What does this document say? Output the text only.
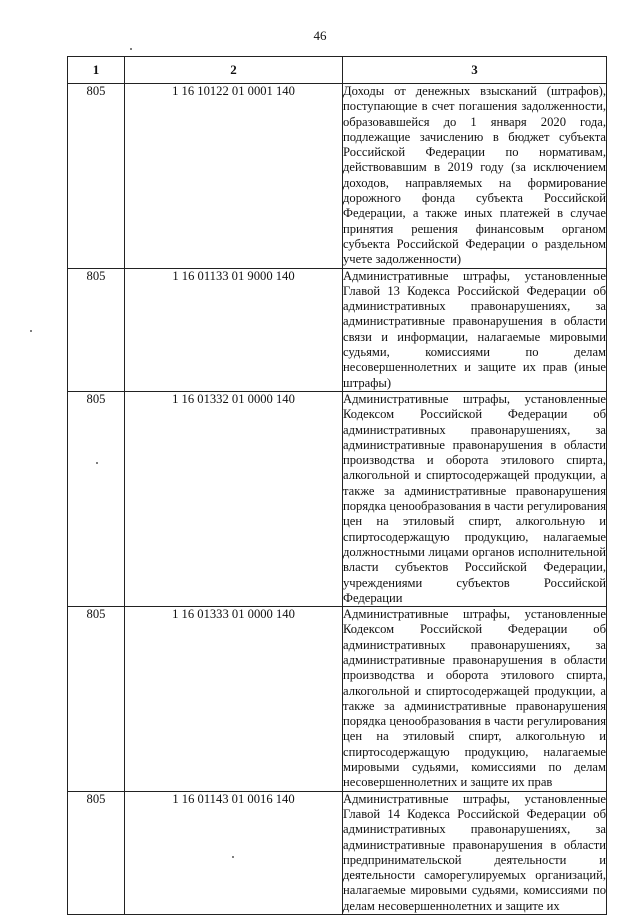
46
1	2	3
805	1 16 10122 01 0001 140	Доходы от денежных взысканий (штрафов), поступающие в счет погашения задолженности, образовавшейся до 1 января 2020 года, подлежащие зачислению в бюджет субъекта Российской Федерации по нормативам, действовавшим в 2019 году (за исключением доходов, направляемых на формирование дорожного фонда субъекта Российской Федерации, а также иных платежей в случае принятия решения финансовым органом субъекта Российской Федерации о раздельном учете задолженности)
805	1 16 01133 01 9000 140	Административные штрафы, установленные Главой 13 Кодекса Российской Федерации об административных правонарушениях, за административные правонарушения в области связи и информации, налагаемые мировыми судьями, комиссиями по делам несовершеннолетних и защите их прав (иные штрафы)
805	1 16 01332 01 0000 140	Административные штрафы, установленные Кодексом Российской Федерации об административных правонарушениях, за административные правонарушения в области производства и оборота этилового спирта, алкогольной и спиртосодержащей продукции, а также за административные правонарушения порядка ценообразования в части регулирования цен на этиловый спирт, алкогольную и спиртосодержащую продукцию, налагаемые должностными лицами органов исполнительной власти субъектов Российской Федерации, учреждениями субъектов Российской Федерации
805	1 16 01333 01 0000 140	Административные штрафы, установленные Кодексом Российской Федерации об административных правонарушениях, за административные правонарушения в области производства и оборота этилового спирта, алкогольной и спиртосодержащей продукции, а также за административные правонарушения порядка ценообразования в части регулирования цен на этиловый спирт, алкогольную и спиртосодержащую продукцию, налагаемые мировыми судьями, комиссиями по делам несовершеннолетних и защите их прав
805	1 16 01143 01 0016 140	Административные штрафы, установленные Главой 14 Кодекса Российской Федерации об административных правонарушениях, за административные правонарушения в области предпринимательской деятельности и деятельности саморегулируемых организаций, налагаемые мировыми судьями, комиссиями по делам несовершеннолетних и защите их
